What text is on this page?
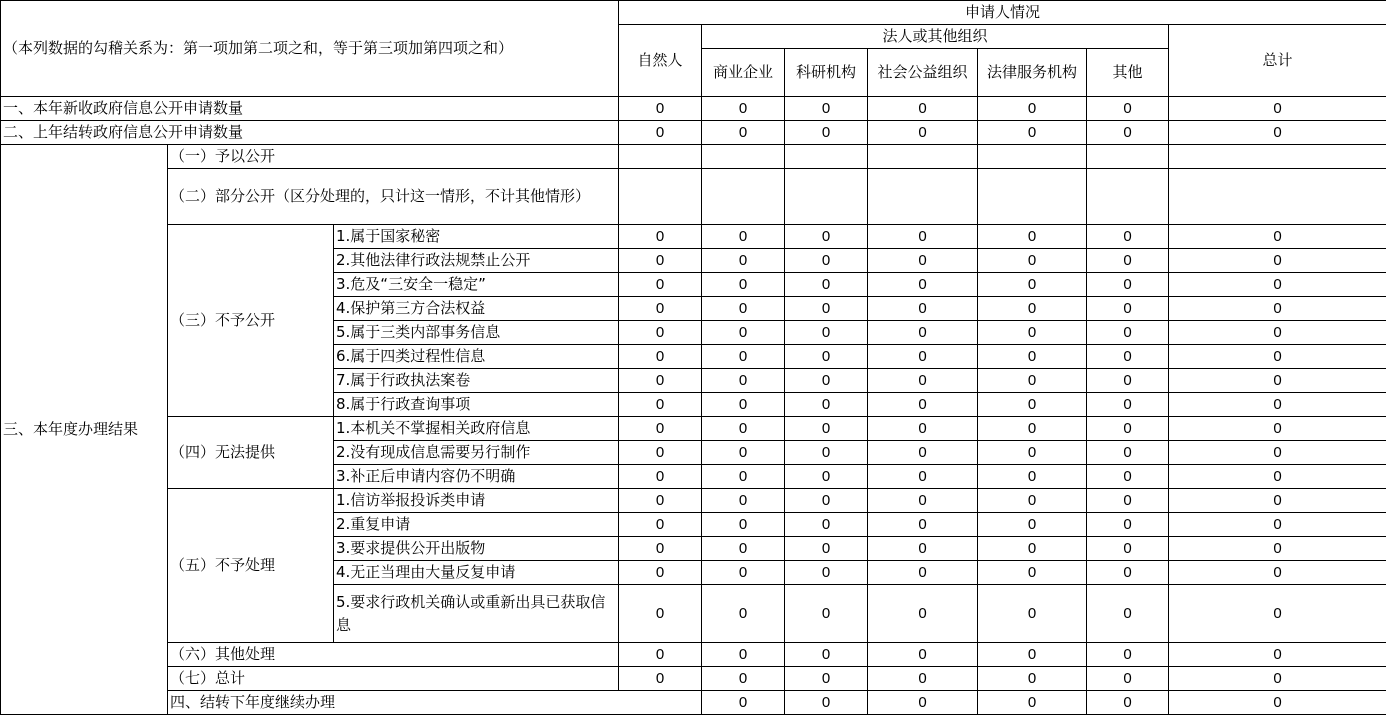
（本列数据的勾稽关系为：第一项加第二项之和，等于第三项加第四项之和）			申请人情况							
			自然人	法人或其他组织					总计	
				商业企业	科研机构	社会公益组织	法律服务机构	其他		

一、本年新收政府信息公开申请数量			0	0	0	0	0	0	0	
二、上年结转政府信息公开申请数量			0	0	0	0	0	0	0	
三、本年度办理结果	（一）予以公开									
	（二）部分公开（区分处理的，只计这一情形，不计其他情形）									
	（三）不予公开	1.属于国家秘密	0	0	0	0	0	0	0	
		2.其他法律行政法规禁止公开	0	0	0	0	0	0	0	
		3.危及“三安全一稳定”	0	0	0	0	0	0	0	
		4.保护第三方合法权益	0	0	0	0	0	0	0	
		5.属于三类内部事务信息	0	0	0	0	0	0	0	
		6.属于四类过程性信息	0	0	0	0	0	0	0	
		7.属于行政执法案卷	0	0	0	0	0	0	0	
		8.属于行政查询事项	0	0	0	0	0	0	0	
	（四）无法提供	1.本机关不掌握相关政府信息	0	0	0	0	0	0	0	
		2.没有现成信息需要另行制作	0	0	0	0	0	0	0	
		3.补正后申请内容仍不明确	0	0	0	0	0	0	0	
	（五）不予处理	1.信访举报投诉类申请	0	0	0	0	0	0	0	
		2.重复申请	0	0	0	0	0	0	0	
		3.要求提供公开出版物	0	0	0	0	0	0	0	
		4.无正当理由大量反复申请	0	0	0	0	0	0	0	
		5.要求行政机关确认或重新出具已获取信息	0	0	0	0	0	0	0	
	（六）其他处理		0	0	0	0	0	0	0	
	（七）总计		0	0	0	0	0	0	0	
	四、结转下年度继续办理			0	0	0	0	0	0	
